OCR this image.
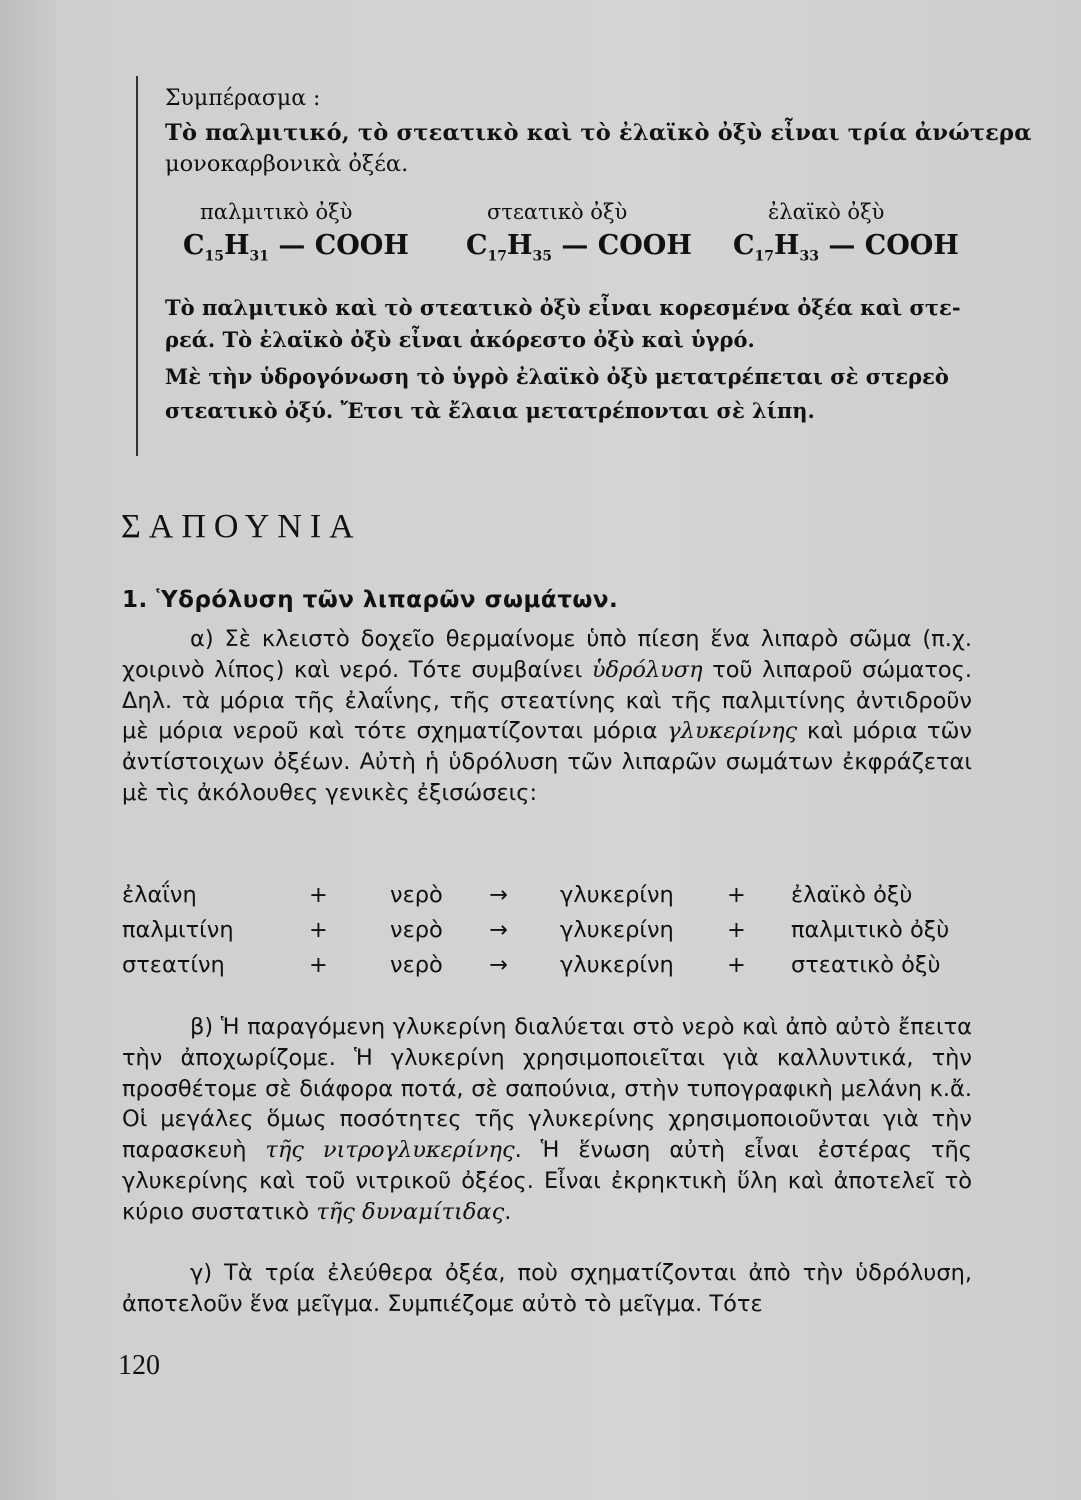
Συμπέρασμα :
Τὸ παλμιτικό, τὸ στεατικὸ καὶ τὸ ἐλαϊκὸ ὀξὺ εἶναι τρία ἀνώτερα
μονοκαρβονικὰ ὀξέα.
παλμιτικὸ ὀξὺ	στεατικὸ ὀξὺ	ἐλαϊκὸ ὀξὺ
$C_{15}H_{31}$ — COOH $C_{17}H_{35}$ — COOH $C_{17}H_{33}$ — COOH
Τὸ παλμιτικὸ καὶ τὸ στεατικὸ ὀξὺ εἶναι κορεσμένα ὀξέα καὶ στε-
ρεά. Τὸ ἐλαϊκὸ ὀξὺ εἶναι ἀκόρεστο ὀξὺ καὶ ὑγρό.
Μὲ τὴν ὑδρογόνωση τὸ ὑγρὸ ἐλαϊκὸ ὀξὺ μετατρέπεται σὲ στερεὸ
στεατικὸ ὀξύ. Ἔτσι τὰ ἔλαια μετατρέπονται σὲ λίπη.
ΣΑΠΟΥΝΙΑ
1. Ὑδρόλυση τῶν λιπαρῶν σωμάτων.
α) Σὲ κλειστὸ δοχεῖο θερμαίνομε ὑπὸ πίεση ἕνα λιπαρὸ σῶμα (π.χ. χοιρινὸ λίπος) καὶ νερό. Τότε συμβαίνει ὑδρόλυση τοῦ λιπαροῦ σώματος. Δηλ. τὰ μόρια τῆς ἐλαΐνης, τῆς στεατίνης καὶ τῆς παλμιτίνης ἀντιδροῦν μὲ μόρια νεροῦ καὶ τότε σχηματίζονται μόρια γλυκερίνης καὶ μόρια τῶν ἀντίστοιχων ὀξέων. Αὐτὴ ἡ ὑδρόλυση τῶν λιπαρῶν σωμάτων ἐκφράζεται μὲ τὶς ἀκόλουθες γενικὲς ἐξισώσεις:
ἐλαΐνη	+	νερὸ → γλυκερίνη + ἐλαϊκὸ ὀξὺ
παλμιτίνη	+	νερὸ → γλυκερίνη + παλμιτικὸ ὀξὺ
στεατίνη	+	νερὸ → γλυκερίνη + στεατικὸ ὀξὺ
β) Ἡ παραγόμενη γλυκερίνη διαλύεται στὸ νερὸ καὶ ἀπὸ αὐτὸ ἔπειτα τὴν ἀποχωρίζομε. Ἡ γλυκερίνη χρησιμοποιεῖται γιὰ καλλυντικά, τὴν προσθέτομε σὲ διάφορα ποτά, σὲ σαπούνια, στὴν τυπογραφικὴ μελάνη κ.ἄ. Οἱ μεγάλες ὅμως ποσότητες τῆς γλυκερίνης χρησιμοποιοῦνται γιὰ τὴν παρασκευὴ τῆς νιτρογλυκερίνης. Ἡ ἕνωση αὐτὴ εἶναι ἐστέρας τῆς γλυκερίνης καὶ τοῦ νιτρικοῦ ὀξέος. Εἶναι ἐκρηκτικὴ ὕλη καὶ ἀποτελεῖ τὸ κύριο συστατικὸ τῆς δυναμίτιδας.
γ) Τὰ τρία ἐλεύθερα ὀξέα, ποὺ σχηματίζονται ἀπὸ τὴν ὑδρόλυση, ἀποτελοῦν ἕνα μεῖγμα. Συμπιέζομε αὐτὸ τὸ μεῖγμα. Τότε
120
